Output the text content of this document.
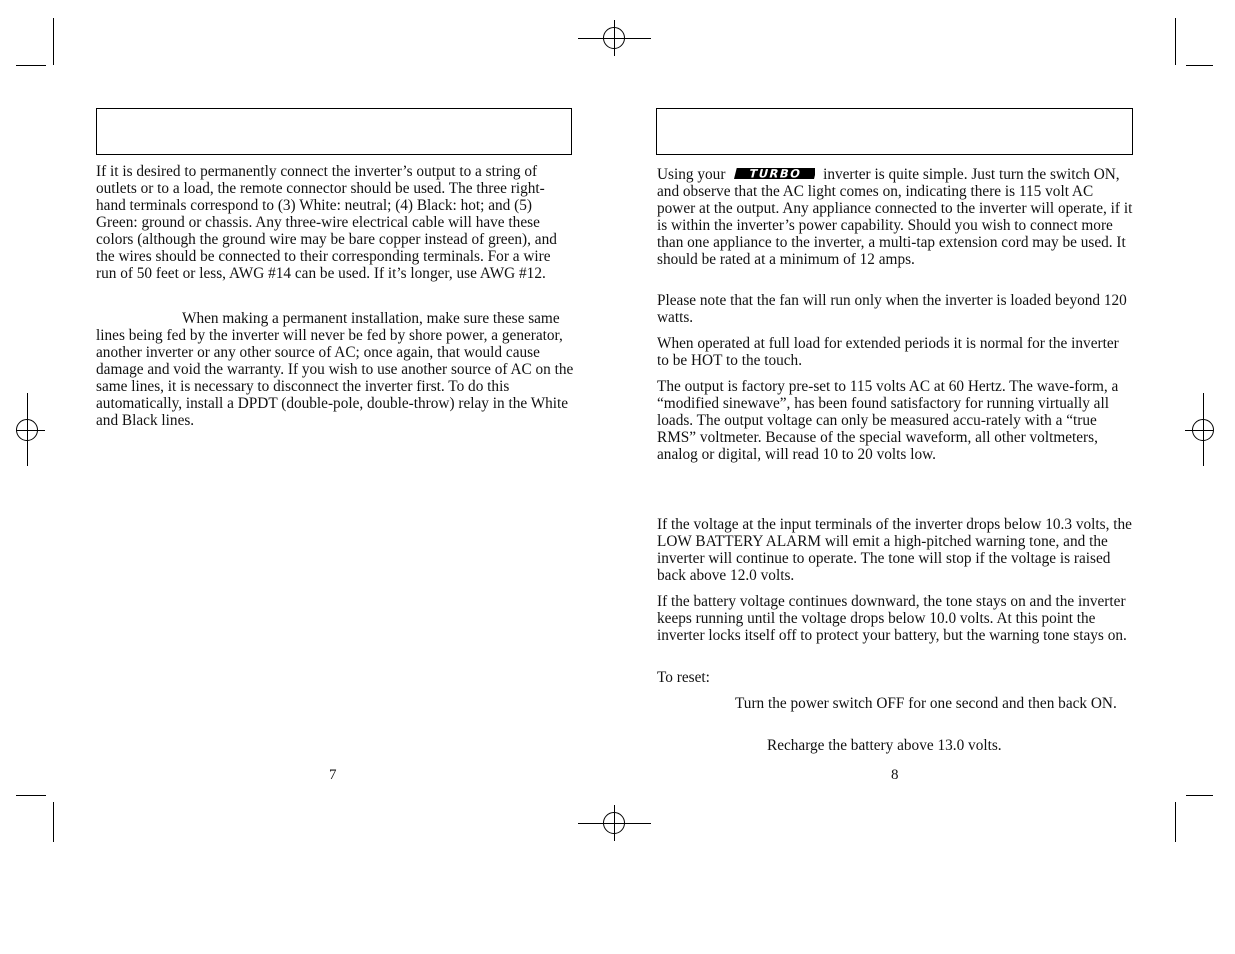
If it is desired to permanently connect the inverter’s output to a string of outlets or to a load, the remote connector should be used. The three right-hand terminals correspond to (3) White: neutral; (4) Black: hot; and (5) Green: ground or chassis. Any three-wire electrical cable will have these colors (although the ground wire may be bare copper instead of green), and the wires should be connected to their corresponding terminals. For a wire run of 50 feet or less, AWG #14 can be used. If it’s longer, use AWG #12.

When making a permanent installation, make sure these same lines being fed by the inverter will never be fed by shore power, a generator, another inverter or any other source of AC; once again, that would cause damage and void the warranty. If you wish to use another source of AC on the same lines, it is necessary to disconnect the inverter first. To do this automatically, install a DPDT (double-pole, double-throw) relay in the White and Black lines.

7

Using your TURBO inverter is quite simple. Just turn the switch ON, and observe that the AC light comes on, indicating there is 115 volt AC power at the output. Any appliance connected to the inverter will operate, if it is within the inverter’s power capability. Should you wish to connect more than one appliance to the inverter, a multi-tap extension cord may be used. It should be rated at a minimum of 12 amps.

Please note that the fan will run only when the inverter is loaded beyond 120 watts.

When operated at full load for extended periods it is normal for the inverter to be HOT to the touch.

The output is factory pre-set to 115 volts AC at 60 Hertz. The wave-form, a “modified sinewave”, has been found satisfactory for running virtually all loads. The output voltage can only be measured accu-rately with a “true RMS” voltmeter. Because of the special waveform, all other voltmeters, analog or digital, will read 10 to 20 volts low.

If the voltage at the input terminals of the inverter drops below 10.3 volts, the LOW BATTERY ALARM will emit a high-pitched warning tone, and the inverter will continue to operate. The tone will stop if the voltage is raised back above 12.0 volts.

If the battery voltage continues downward, the tone stays on and the inverter keeps running until the voltage drops below 10.0 volts. At this point the inverter locks itself off to protect your battery, but the warning tone stays on.

To reset:

Turn the power switch OFF for one second and then back ON.

Recharge the battery above 13.0 volts.

8
